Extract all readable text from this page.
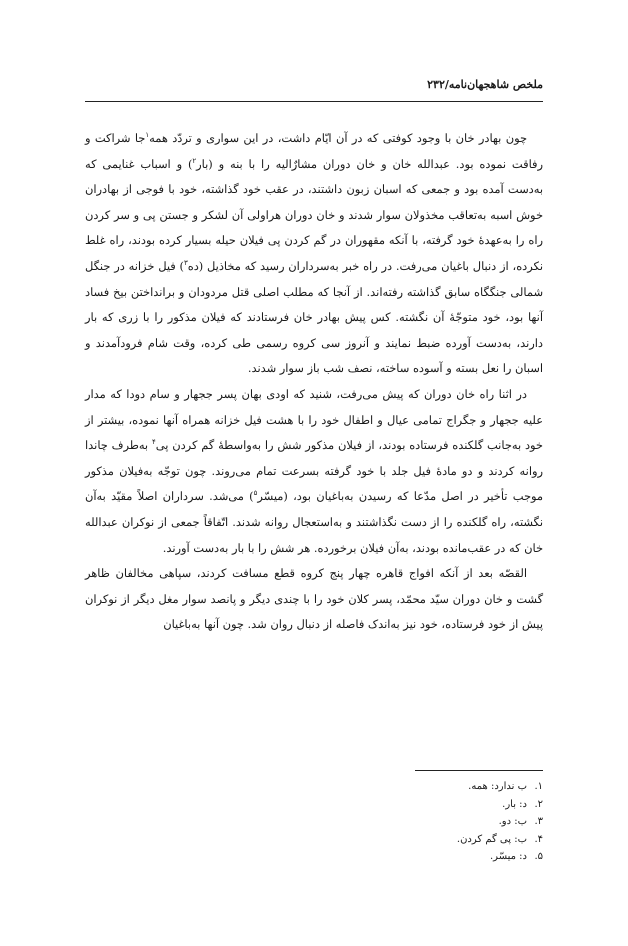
ملخص شاهجهان‌نامه/۲۳۲

چون بهادر خان با وجود کوفتی که در آن ایّام داشت، در این سواری و تردّد همه$^۱$جا شراکت و رفاقت نموده بود. عبدالله خان و خان دوران مشارٌالیه را با بنه و (بار$^۲$) و اسباب غنایمی که به‌دست آمده بود و جمعی که اسبان زبون داشتند، در عقب خود گذاشته، خود با فوجی از بهادران خوش اسبه به‌تعاقب مخذولان سوار شدند و خان دوران هراولی آن لشکر و جستن پی و سر کردن راه را به‌عهدهٔ خود گرفته، با آنکه مقهوران در گم کردن پی فیلان حیله بسیار کرده بودند، راه غلط نکرده، از دنبال باغیان می‌رفت. در راه خبر به‌سرداران رسید که مخاذیل (ده$^۳$) فیل خزانه در جنگل شمالی جنگگاه سابق گذاشته رفته‌اند. از آنجا که مطلب اصلی قتل مردودان و برانداختن بیخ فساد آنها بود، خود متوجّهٔ آن نگشته. کس پیش بهادر خان فرستادند که فیلان مذکور را با زری که بار دارند، به‌دست آورده ضبط نمایند و آنروز سی کروه رسمی طی کرده، وقت شام فرودآمدند و اسبان را نعل بسته و آسوده ساخته، نصف شب باز سوار شدند.

در اثنا راه خان دوران که پیش می‌رفت، شنید که اودی بهان پسر ججهار و سام دودا که مدار علیه ججهار و جگراج تمامی عیال و اطفال خود را با هشت فیل خزانه همراه آنها نموده، بیشتر از خود به‌جانب گلکنده فرستاده بودند، از فیلان مذکور شش را به‌واسطهٔ گم کردن پی$^۴$ به‌طرف چاندا روانه کردند و دو مادهٔ فیل جلد با خود گرفته بسرعت تمام می‌روند. چون توجّه به‌فیلان مذکور موجب تأخیر در اصل مدّعا که رسیدن به‌باغیان بود، (میسّر$^۵$) می‌شد. سرداران اصلاً مقیّد به‌آن نگشته، راه گلکنده را از دست نگذاشتند و به‌استعجال روانه شدند. اتّفاقاً جمعی از نوکران عبدالله خان که در عقب‌مانده بودند، به‌آن فیلان برخورده. هر شش را با بار به‌دست آورند.

القصّه بعد از آنکه افواج قاهره چهار پنج کروه قطع مسافت کردند، سپاهی مخالفان ظاهر گشت و خان دوران سیّد محمّد، پسر کلان خود را با چندی دیگر و پانصد سوار مغل دیگر از نوکران پیش از خود فرستاده، خود نیز به‌اندک فاصله از دنبال روان شد. چون آنها به‌باغیان

۱.ب ندارد: همه.
۲.د: بار.
۳.ب: دو.
۴.ب: پی گم کردن.
۵.د: میسّر.
